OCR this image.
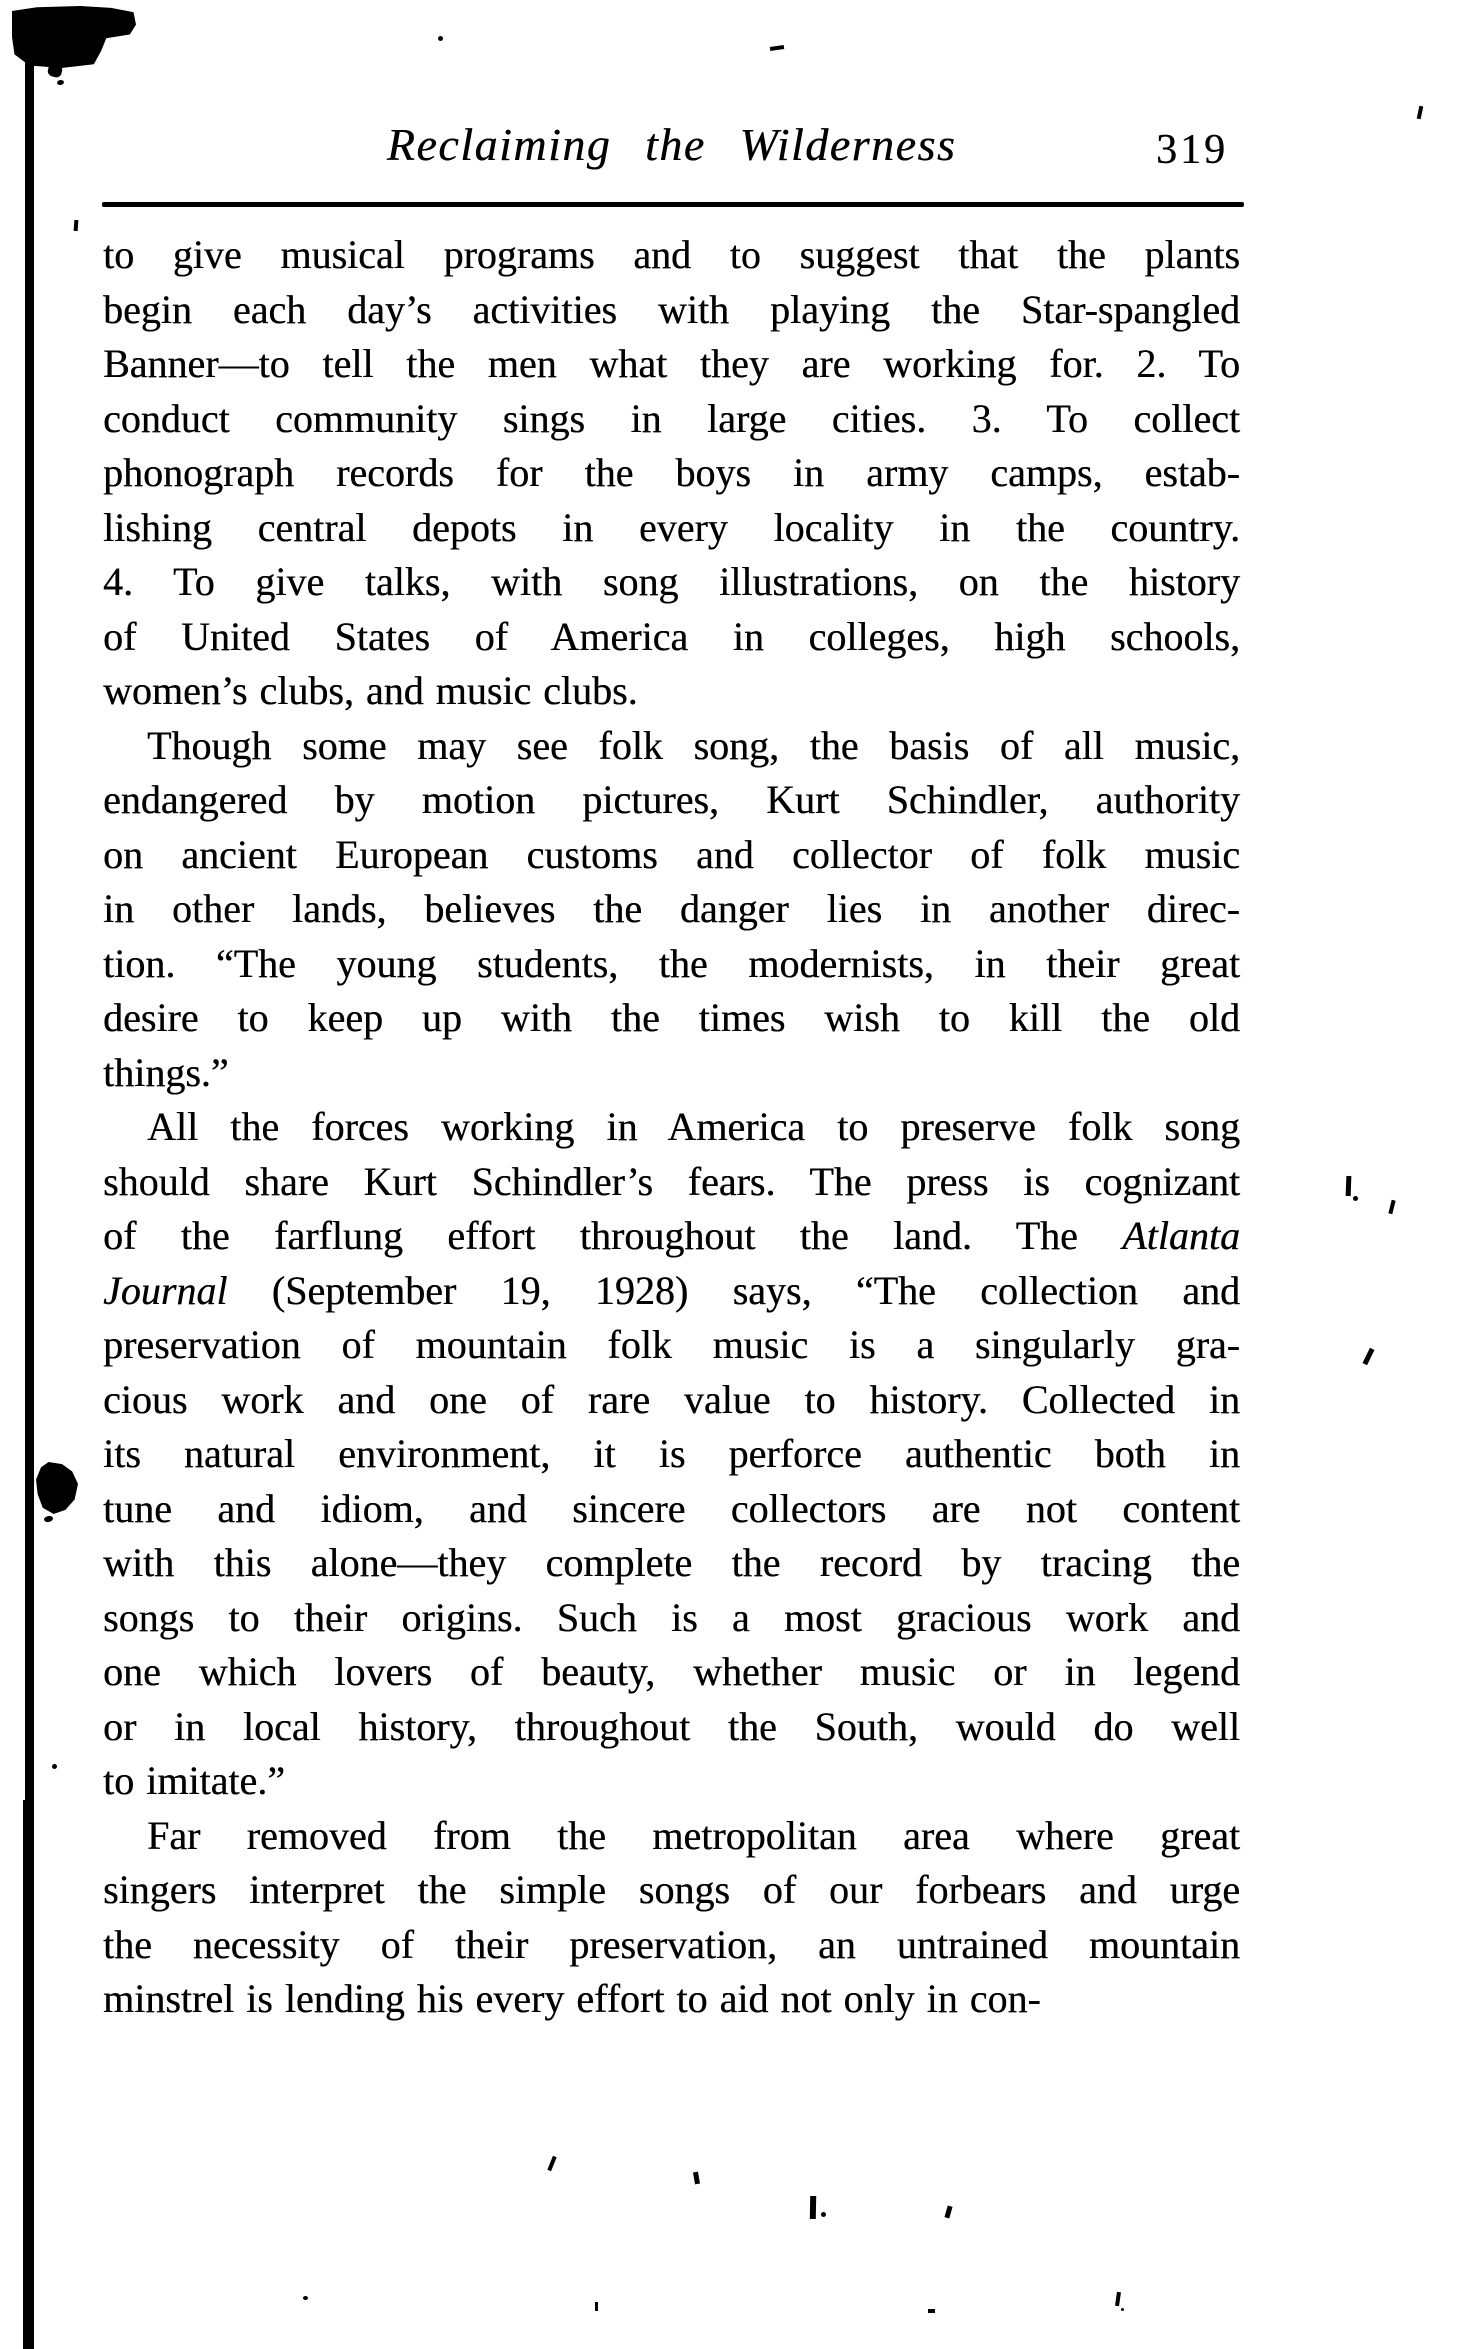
Reclaiming the Wilderness	319
to give musical programs and to suggest that the plants
begin each day’s activities with playing the Star-spangled
Banner—to tell the men what they are working for. 2. To
conduct community sings in large cities. 3. To collect
phonograph records for the boys in army camps, estab-
lishing central depots in every locality in the country.
4. To give talks, with song illustrations, on the history
of United States of America in colleges, high schools,
women’s clubs, and music clubs.
Though some may see folk song, the basis of all music,
endangered by motion pictures, Kurt Schindler, authority
on ancient European customs and collector of folk music
in other lands, believes the danger lies in another direc-
tion. “The young students, the modernists, in their great
desire to keep up with the times wish to kill the old
things.”
All the forces working in America to preserve folk song
should share Kurt Schindler’s fears. The press is cognizant
of the farflung effort throughout the land. The Atlanta
Journal (September 19, 1928) says, “The collection and
preservation of mountain folk music is a singularly gra-
cious work and one of rare value to history. Collected in
its natural environment, it is perforce authentic both in
tune and idiom, and sincere collectors are not content
with this alone—they complete the record by tracing the
songs to their origins. Such is a most gracious work and
one which lovers of beauty, whether music or in legend
or in local history, throughout the South, would do well
to imitate.”
Far removed from the metropolitan area where great
singers interpret the simple songs of our forbears and urge
the necessity of their preservation, an untrained mountain
minstrel is lending his every effort to aid not only in con-
